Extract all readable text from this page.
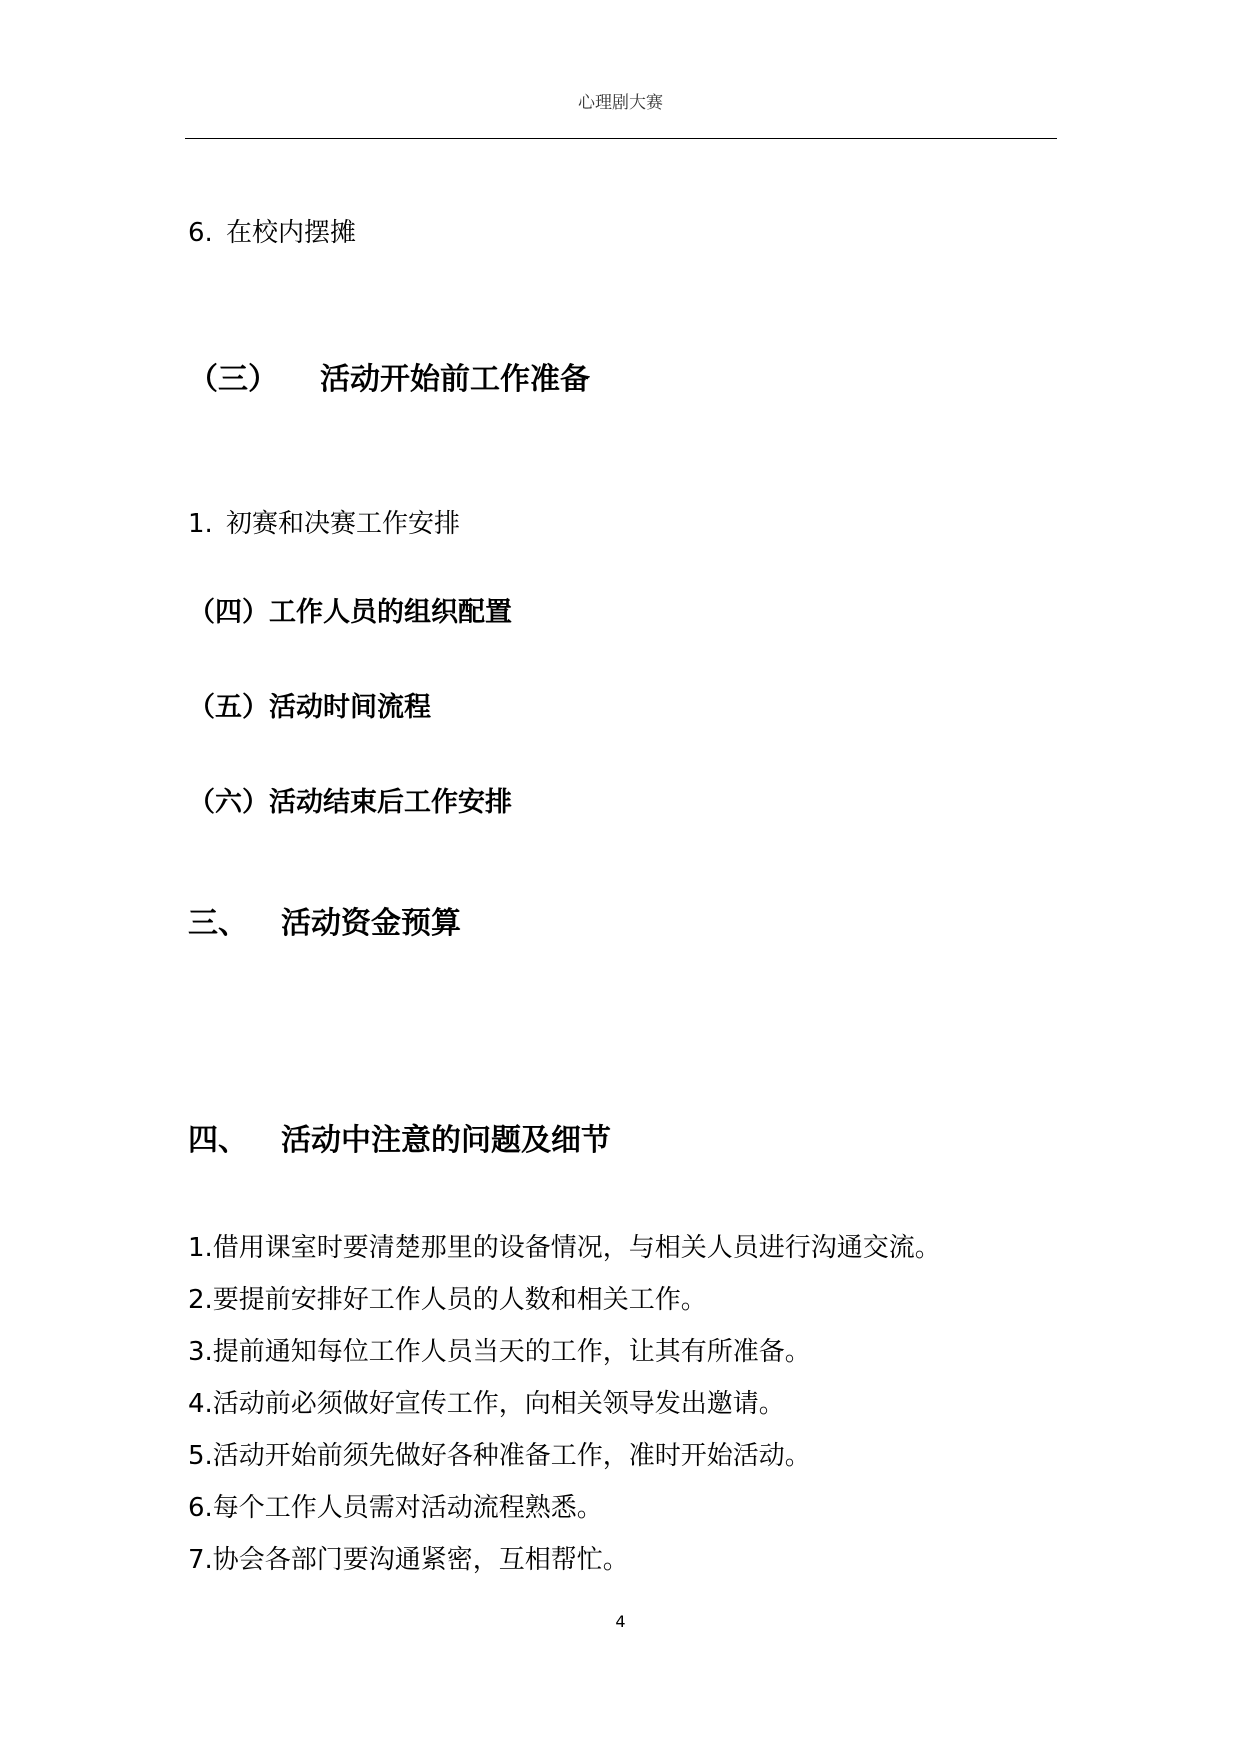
心理剧大赛
6. 在校内摆摊
（三） 活动开始前工作准备
1. 初赛和决赛工作安排
（四）工作人员的组织配置
（五）活动时间流程
（六）活动结束后工作安排
三、 活动资金预算
四、 活动中注意的问题及细节
1.借用课室时要清楚那里的设备情况，与相关人员进行沟通交流。
2.要提前安排好工作人员的人数和相关工作。
3.提前通知每位工作人员当天的工作，让其有所准备。
4.活动前必须做好宣传工作，向相关领导发出邀请。
5.活动开始前须先做好各种准备工作，准时开始活动。
6.每个工作人员需对活动流程熟悉。
7.协会各部门要沟通紧密，互相帮忙。
4
